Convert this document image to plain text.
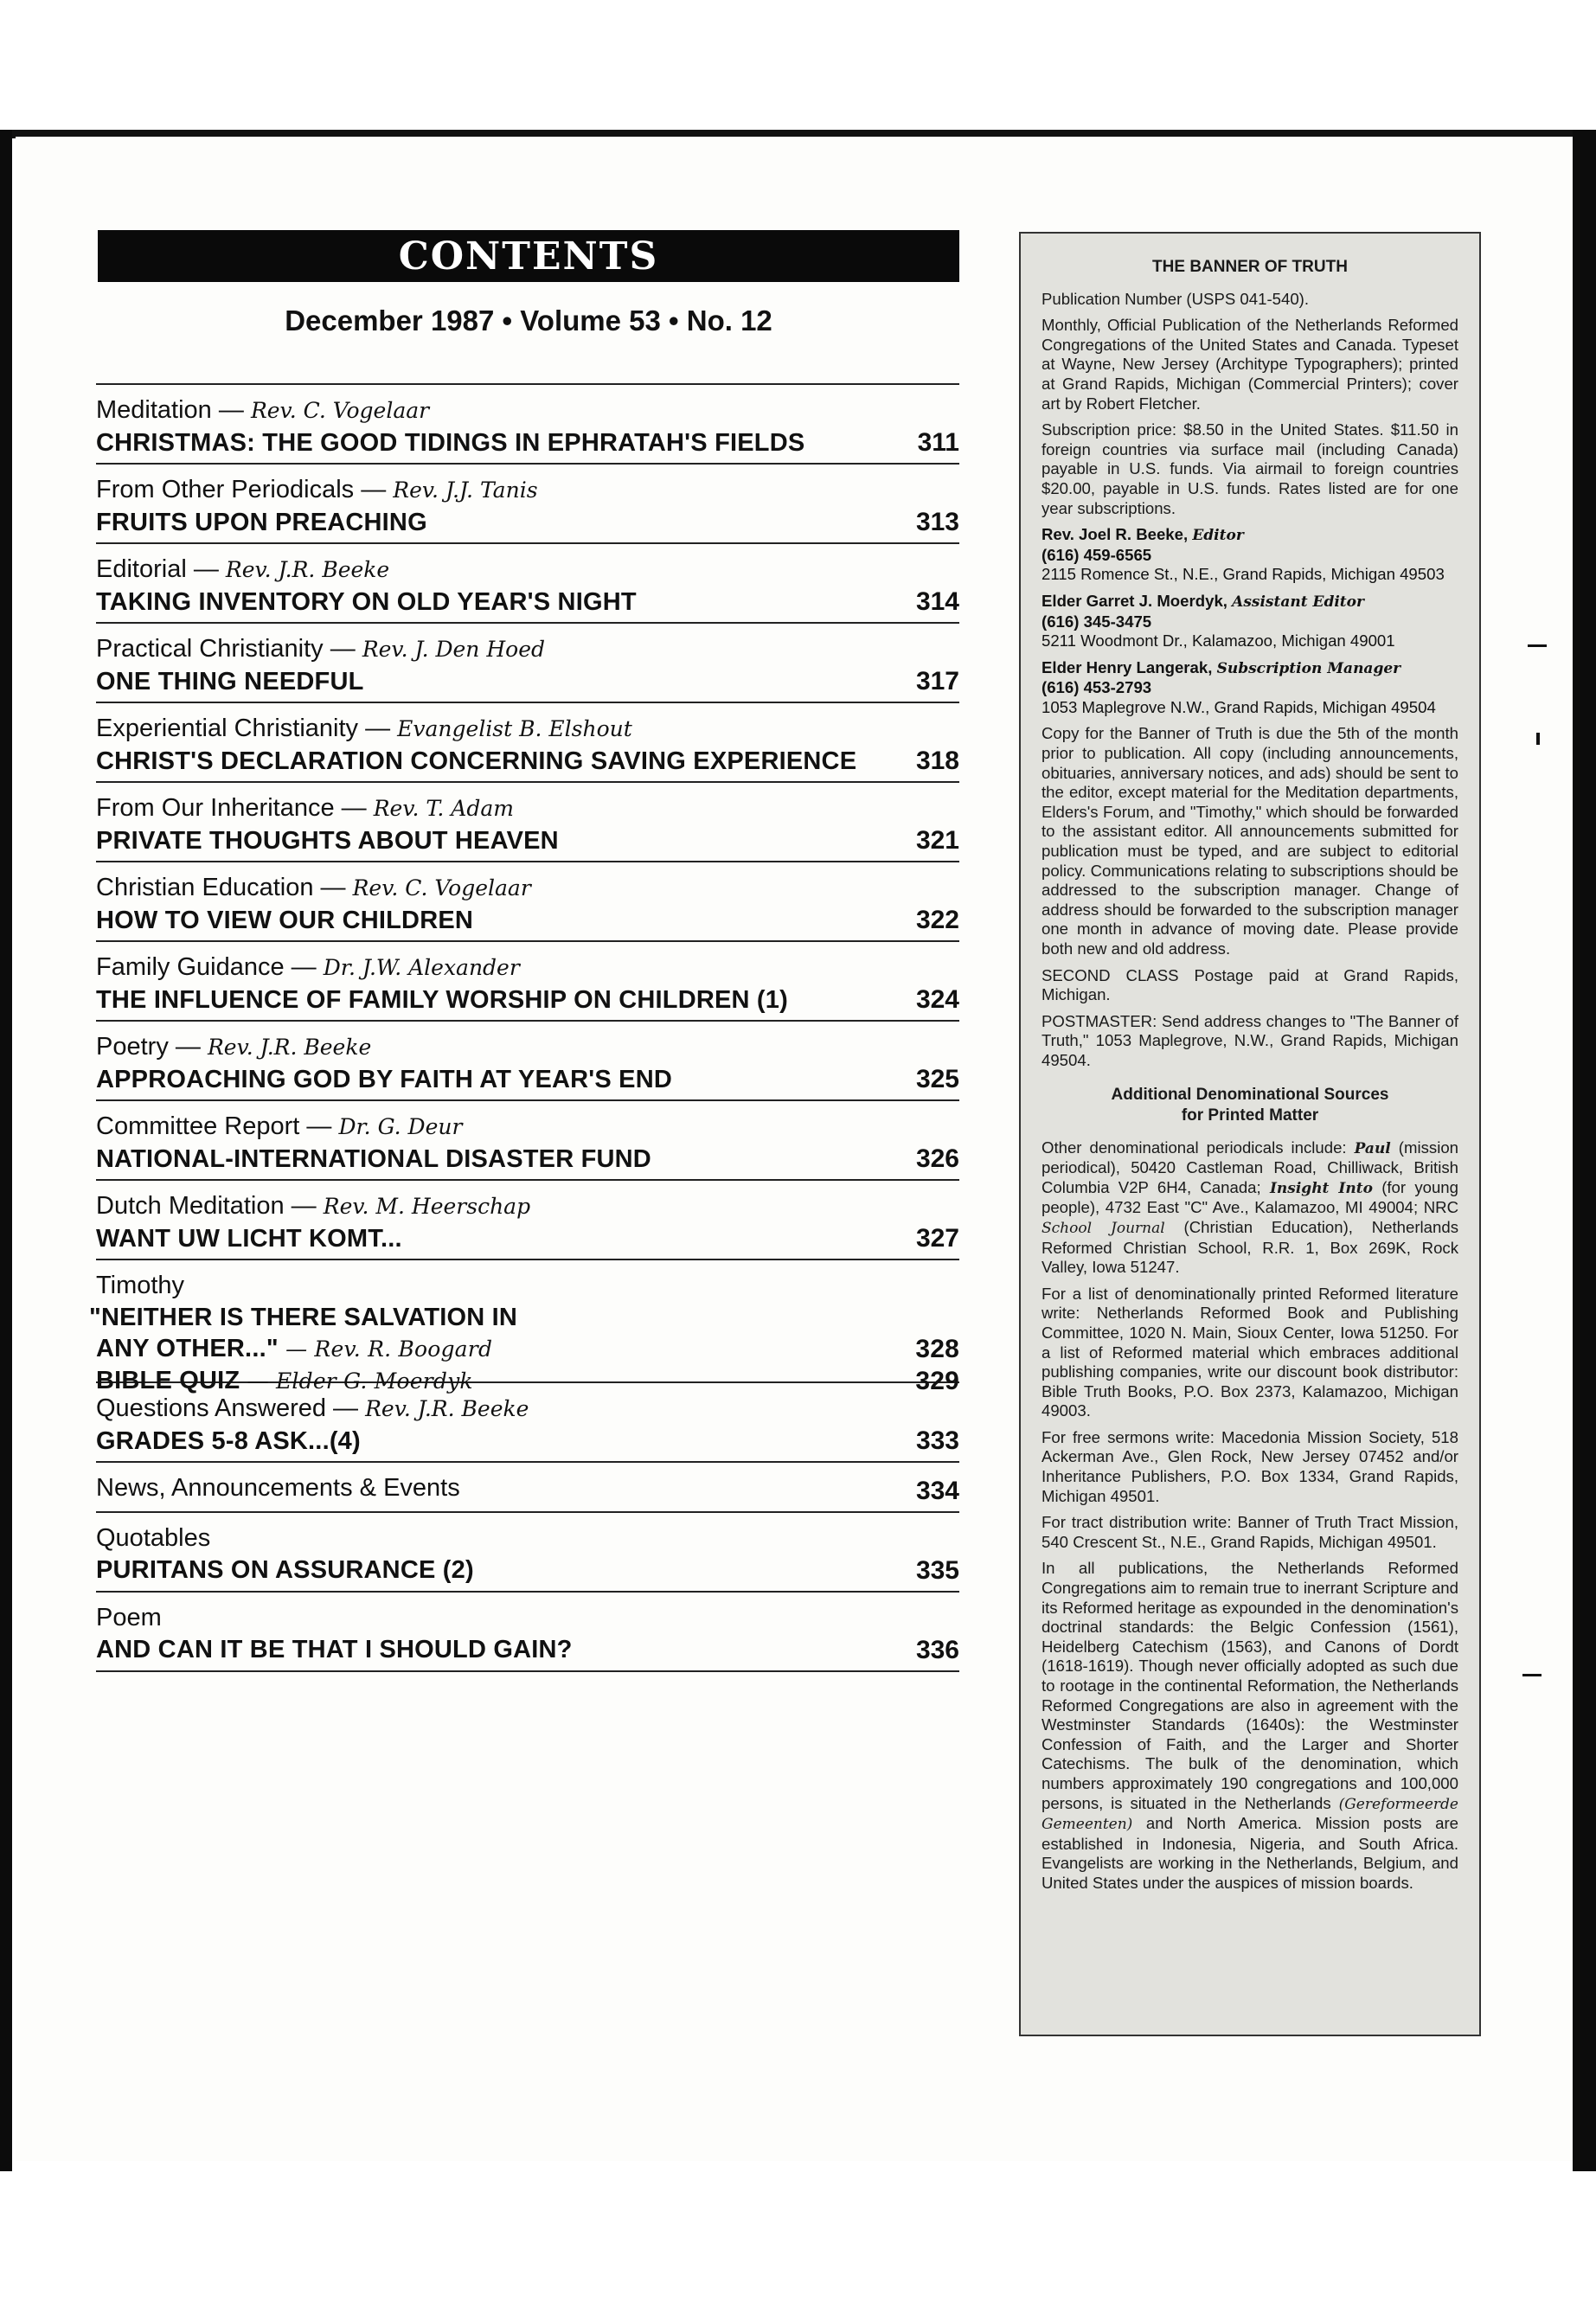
CONTENTS
December 1987 • Volume 53 • No. 12
Meditation — Rev. C. Vogelaar
CHRISTMAS: THE GOOD TIDINGS IN EPHRATAH'S FIELDS	311
From Other Periodicals — Rev. J.J. Tanis
FRUITS UPON PREACHING	313
Editorial — Rev. J.R. Beeke
TAKING INVENTORY ON OLD YEAR'S NIGHT	314
Practical Christianity — Rev. J. Den Hoed
ONE THING NEEDFUL	317
Experiential Christianity — Evangelist B. Elshout
CHRIST'S DECLARATION CONCERNING SAVING EXPERIENCE	318
From Our Inheritance — Rev. T. Adam
PRIVATE THOUGHTS ABOUT HEAVEN	321
Christian Education — Rev. C. Vogelaar
HOW TO VIEW OUR CHILDREN	322
Family Guidance — Dr. J.W. Alexander
THE INFLUENCE OF FAMILY WORSHIP ON CHILDREN (1)	324
Poetry — Rev. J.R. Beeke
APPROACHING GOD BY FAITH AT YEAR'S END	325
Committee Report — Dr. G. Deur
NATIONAL-INTERNATIONAL DISASTER FUND	326
Dutch Meditation — Rev. M. Heerschap
WANT UW LICHT KOMT...	327
Timothy
"NEITHER IS THERE SALVATION IN
ANY OTHER..." — Rev. R. Boogard	328
BIBLE QUIZ — Elder G. Moerdyk	329
Questions Answered — Rev. J.R. Beeke
GRADES 5-8 ASK...(4)	333
News, Announcements & Events	334
Quotables
PURITANS ON ASSURANCE (2)	335
Poem
AND CAN IT BE THAT I SHOULD GAIN?	336

THE BANNER OF TRUTH

Publication Number (USPS 041-540).

Monthly, Official Publication of the Netherlands Reformed Congregations of the United States and Canada. Typeset at Wayne, New Jersey (Architype Typographers); printed at Grand Rapids, Michigan (Commercial Printers); cover art by Robert Fletcher.

Subscription price: $8.50 in the United States. $11.50 in foreign countries via surface mail (including Canada) payable in U.S. funds. Via airmail to foreign countries $20.00, payable in U.S. funds. Rates listed are for one year subscriptions.

Rev. Joel R. Beeke, Editor
(616) 459-6565
2115 Romence St., N.E., Grand Rapids, Michigan 49503
Elder Garret J. Moerdyk, Assistant Editor
(616) 345-3475
5211 Woodmont Dr., Kalamazoo, Michigan 49001
Elder Henry Langerak, Subscription Manager
(616) 453-2793
1053 Maplegrove N.W., Grand Rapids, Michigan 49504

Copy for the Banner of Truth is due the 5th of the month prior to publication. All copy (including announcements, obituaries, anniversary notices, and ads) should be sent to the editor, except material for the Meditation departments, Elders's Forum, and "Timothy," which should be forwarded to the assistant editor. All announcements submitted for publication must be typed, and are subject to editorial policy. Communications relating to subscriptions should be addressed to the subscription manager. Change of address should be forwarded to the subscription manager one month in advance of moving date. Please provide both new and old address.

SECOND CLASS Postage paid at Grand Rapids, Michigan.

POSTMASTER: Send address changes to "The Banner of Truth," 1053 Maplegrove, N.W., Grand Rapids, Michigan 49504.

Additional Denominational Sources
for Printed Matter

Other denominational periodicals include: Paul (mission periodical), 50420 Castleman Road, Chilliwack, British Columbia V2P 6H4, Canada; Insight Into (for young people), 4732 East "C" Ave., Kalamazoo, MI 49004; NRC School Journal (Christian Education), Netherlands Reformed Christian School, R.R. 1, Box 269K, Rock Valley, Iowa 51247.

For a list of denominationally printed Reformed literature write: Netherlands Reformed Book and Publishing Committee, 1020 N. Main, Sioux Center, Iowa 51250. For a list of Reformed material which embraces additional publishing companies, write our discount book distributor: Bible Truth Books, P.O. Box 2373, Kalamazoo, Michigan 49003.

For free sermons write: Macedonia Mission Society, 518 Ackerman Ave., Glen Rock, New Jersey 07452 and/or Inheritance Publishers, P.O. Box 1334, Grand Rapids, Michigan 49501.

For tract distribution write: Banner of Truth Tract Mission, 540 Crescent St., N.E., Grand Rapids, Michigan 49501.

In all publications, the Netherlands Reformed Congregations aim to remain true to inerrant Scripture and its Reformed heritage as expounded in the denomination's doctrinal standards: the Belgic Confession (1561), Heidelberg Catechism (1563), and Canons of Dordt (1618-1619). Though never officially adopted as such due to rootage in the continental Reformation, the Netherlands Reformed Congregations are also in agreement with the Westminster Standards (1640s): the Westminster Confession of Faith, and the Larger and Shorter Catechisms. The bulk of the denomination, which numbers approximately 190 congregations and 100,000 persons, is situated in the Netherlands (Gereformeerde Gemeenten) and North America. Mission posts are established in Indonesia, Nigeria, and South Africa. Evangelists are working in the Netherlands, Belgium, and United States under the auspices of mission boards.
